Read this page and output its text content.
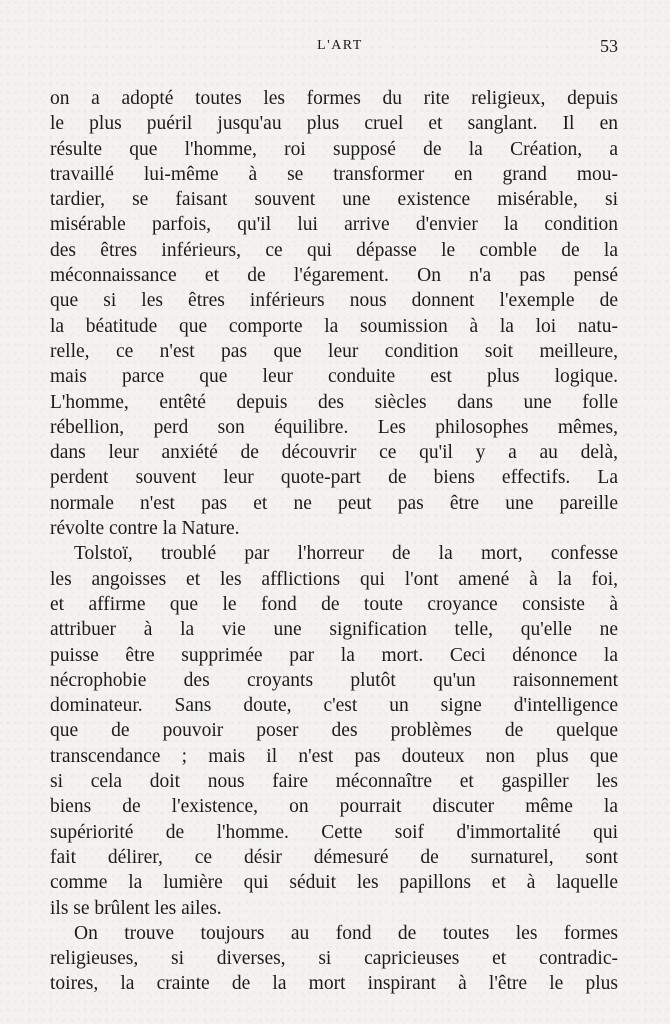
L'ART	53

on a adopté toutes les formes du rite religieux, depuis
le plus puéril jusqu'au plus cruel et sanglant. Il en
résulte que l'homme, roi supposé de la Création, a
travaillé lui-même à se transformer en grand mou-
tardier, se faisant souvent une existence misérable, si
misérable parfois, qu'il lui arrive d'envier la condition
des êtres inférieurs, ce qui dépasse le comble de la
méconnaissance et de l'égarement. On n'a pas pensé
que si les êtres inférieurs nous donnent l'exemple de
la béatitude que comporte la soumission à la loi natu-
relle, ce n'est pas que leur condition soit meilleure,
mais parce que leur conduite est plus logique.
L'homme, entêté depuis des siècles dans une folle
rébellion, perd son équilibre. Les philosophes mêmes,
dans leur anxiété de découvrir ce qu'il y a au delà,
perdent souvent leur quote-part de biens effectifs. La
normale n'est pas et ne peut pas être une pareille
révolte contre la Nature.

Tolstoï, troublé par l'horreur de la mort, confesse
les angoisses et les afflictions qui l'ont amené à la foi,
et affirme que le fond de toute croyance consiste à
attribuer à la vie une signification telle, qu'elle ne
puisse être supprimée par la mort. Ceci dénonce la
nécrophobie des croyants plutôt qu'un raisonnement
dominateur. Sans doute, c'est un signe d'intelligence
que de pouvoir poser des problèmes de quelque
transcendance ; mais il n'est pas douteux non plus que
si cela doit nous faire méconnaître et gaspiller les
biens de l'existence, on pourrait discuter même la
supériorité de l'homme. Cette soif d'immortalité qui
fait délirer, ce désir démesuré de surnaturel, sont
comme la lumière qui séduit les papillons et à laquelle
ils se brûlent les ailes.

On trouve toujours au fond de toutes les formes
religieuses, si diverses, si capricieuses et contradic-
toires, la crainte de la mort inspirant à l'être le plus
